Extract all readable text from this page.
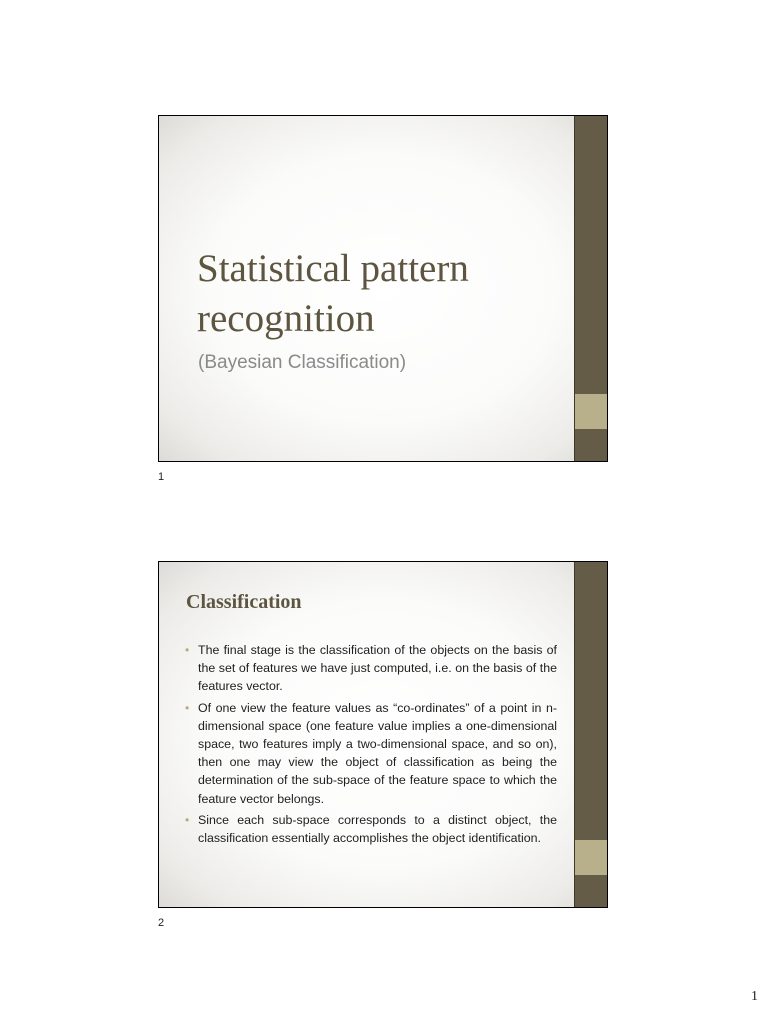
Statistical pattern recognition

(Bayesian Classification)

1
Classification
• The final stage is the classification of the objects on the basis of the set of features we have just computed, i.e. on the basis of the features vector.
• Of one view the feature values as “co-ordinates” of a point in n-dimensional space (one feature value implies a one-dimensional space, two features imply a two-dimensional space, and so on), then one may view the object of classification as being the determination of the sub-space of the feature space to which the feature vector belongs.
• Since each sub-space corresponds to a distinct object, the classification essentially accomplishes the object identification.
2
1
